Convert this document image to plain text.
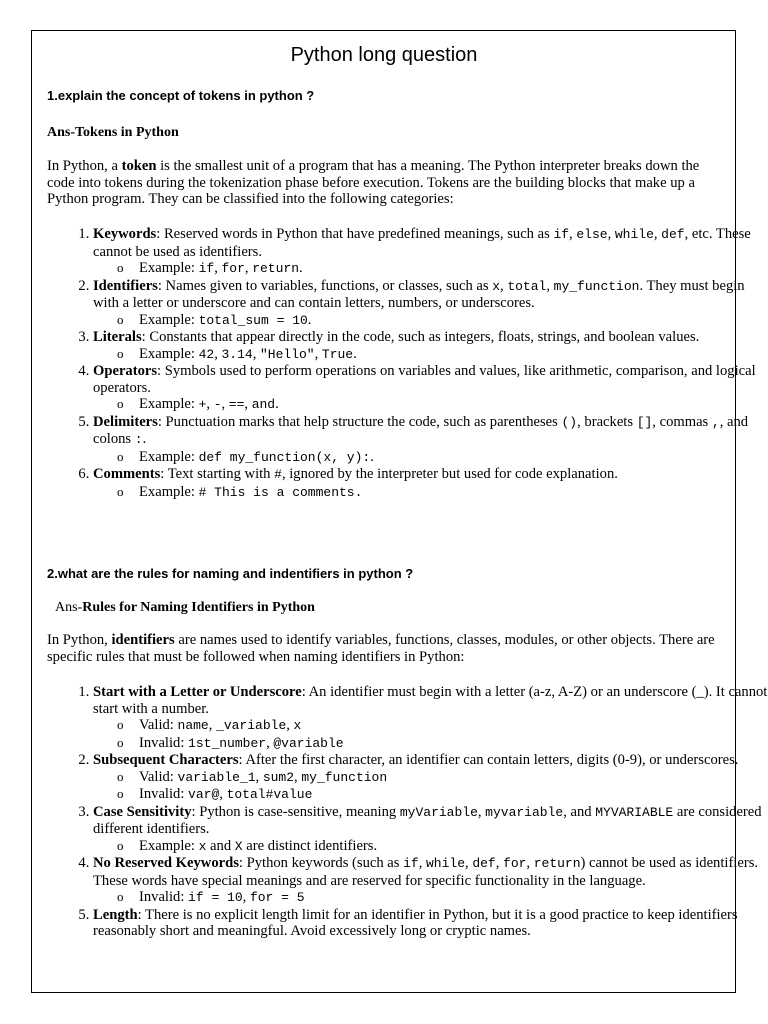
Python long question
1.explain the concept of tokens in python ?
Ans-Tokens in Python

In Python, a token is the smallest unit of a program that has a meaning. The Python interpreter breaks down the code into tokens during the tokenization phase before execution. Tokens are the building blocks that make up a Python program. They can be classified into the following categories:

1. Keywords: Reserved words in Python that have predefined meanings, such as if, else, while, def, etc. These cannot be used as identifiers.
o Example: if, for, return.
2. Identifiers: Names given to variables, functions, or classes, such as x, total, my_function. They must begin with a letter or underscore and can contain letters, numbers, or underscores.
o Example: total_sum = 10.
3. Literals: Constants that appear directly in the code, such as integers, floats, strings, and boolean values.
o Example: 42, 3.14, "Hello", True.
4. Operators: Symbols used to perform operations on variables and values, like arithmetic, comparison, and logical operators.
o Example: +, -, ==, and.
5. Delimiters: Punctuation marks that help structure the code, such as parentheses (), brackets [], commas ,, and colons :.
o Example: def my_function(x, y):.
6. Comments: Text starting with #, ignored by the interpreter but used for code explanation.
o Example: # This is a comments.
2.what are the rules for naming and indentifiers in python ?
Ans-Rules for Naming Identifiers in Python

In Python, identifiers are names used to identify variables, functions, classes, modules, or other objects. There are specific rules that must be followed when naming identifiers in Python:

1. Start with a Letter or Underscore: An identifier must begin with a letter (a-z, A-Z) or an underscore (_). It cannot start with a number.
o Valid: name, _variable, x
o Invalid: 1st_number, @variable
2. Subsequent Characters: After the first character, an identifier can contain letters, digits (0-9), or underscores.
o Valid: variable_1, sum2, my_function
o Invalid: var@, total#value
3. Case Sensitivity: Python is case-sensitive, meaning myVariable, myvariable, and MYVARIABLE are considered different identifiers.
o Example: x and X are distinct identifiers.
4. No Reserved Keywords: Python keywords (such as if, while, def, for, return) cannot be used as identifiers. These words have special meanings and are reserved for specific functionality in the language.
o Invalid: if = 10, for = 5
5. Length: There is no explicit length limit for an identifier in Python, but it is a good practice to keep identifiers reasonably short and meaningful. Avoid excessively long or cryptic names.
